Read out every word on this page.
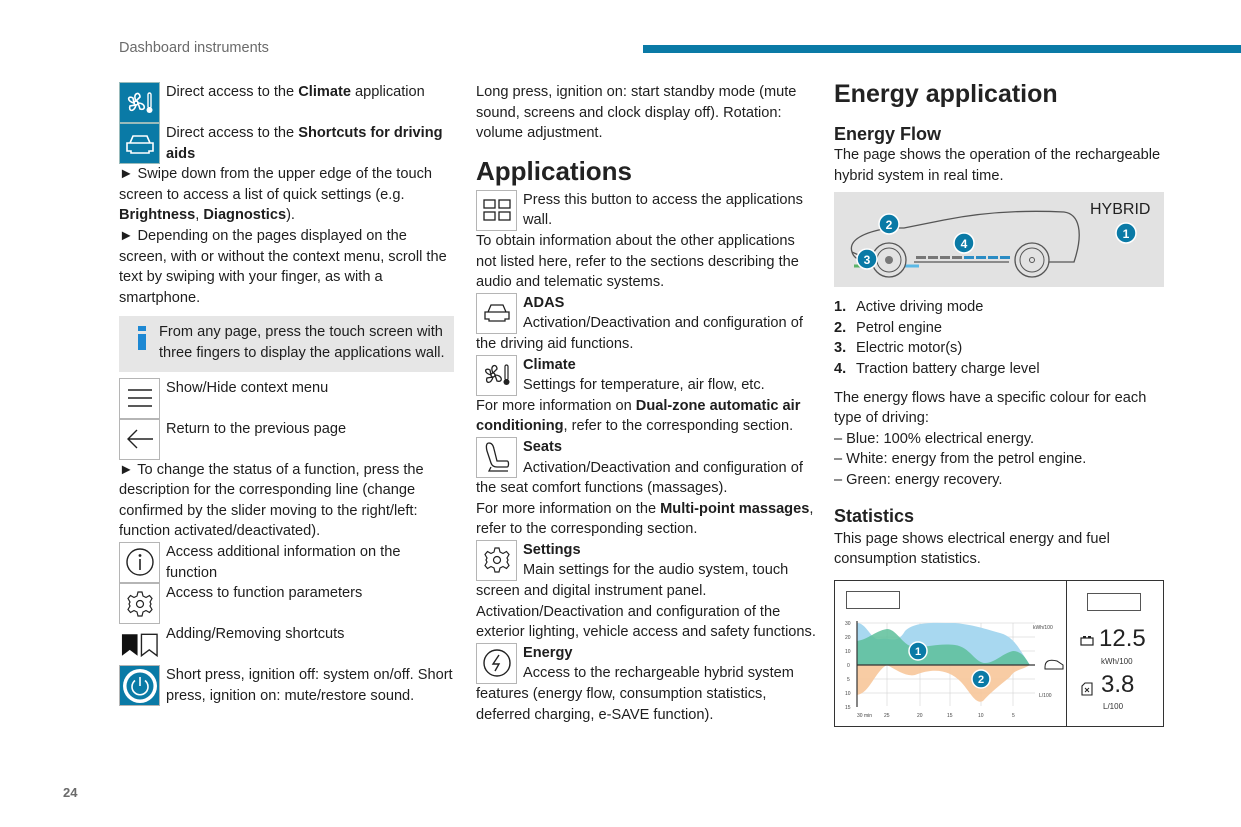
Dashboard instruments

Direct access to the Climate application

Direct access to the Shortcuts for driving aids

► Swipe down from the upper edge of the touch screen to access a list of quick settings (e.g. Brightness, Diagnostics).

► Depending on the pages displayed on the screen, with or without the context menu, scroll the text by swiping with your finger, as with a smartphone.

From any page, press the touch screen with three fingers to display the applications wall.

Show/Hide context menu

Return to the previous page

► To change the status of a function, press the description for the corresponding line (change confirmed by the slider moving to the right/left: function activated/deactivated).

Access additional information on the function

Access to function parameters

Adding/Removing shortcuts

Short press, ignition off: system on/off. Short press, ignition on: mute/restore sound.

Long press, ignition on: start standby mode (mute sound, screens and clock display off). Rotation: volume adjustment.

Applications

Press this button to access the applications wall.

To obtain information about the other applications not listed here, refer to the sections describing the audio and telematic systems.

ADAS
Activation/Deactivation and configuration of the driving aid functions.

Climate
Settings for temperature, air flow, etc.

For more information on Dual-zone automatic air conditioning, refer to the corresponding section.

Seats
Activation/Deactivation and configuration of the seat comfort functions (massages).

For more information on the Multi-point massages, refer to the corresponding section.

Settings
Main settings for the audio system, touch screen and digital instrument panel.

Activation/Deactivation and configuration of the exterior lighting, vehicle access and safety functions.

Energy
Access to the rechargeable hybrid system features (energy flow, consumption statistics, deferred charging, e-SAVE function).

Energy application
Energy Flow

The page shows the operation of the rechargeable hybrid system in real time.

HYBRID
1
2
3
4
1. Active driving mode
2. Petrol engine
3. Electric motor(s)
4. Traction battery charge level

The energy flows have a specific colour for each type of driving:

– Blue: 100% electrical energy.
– White: energy from the petrol engine.
– Green: energy recovery.
Statistics

This page shows electrical energy and fuel consumption statistics.

30
20
10
0
5
10
15
30 min 25	20	15	10	5
kWh/100
L/100
1
2
12.5
kWh/100
3.8
L/100
24
